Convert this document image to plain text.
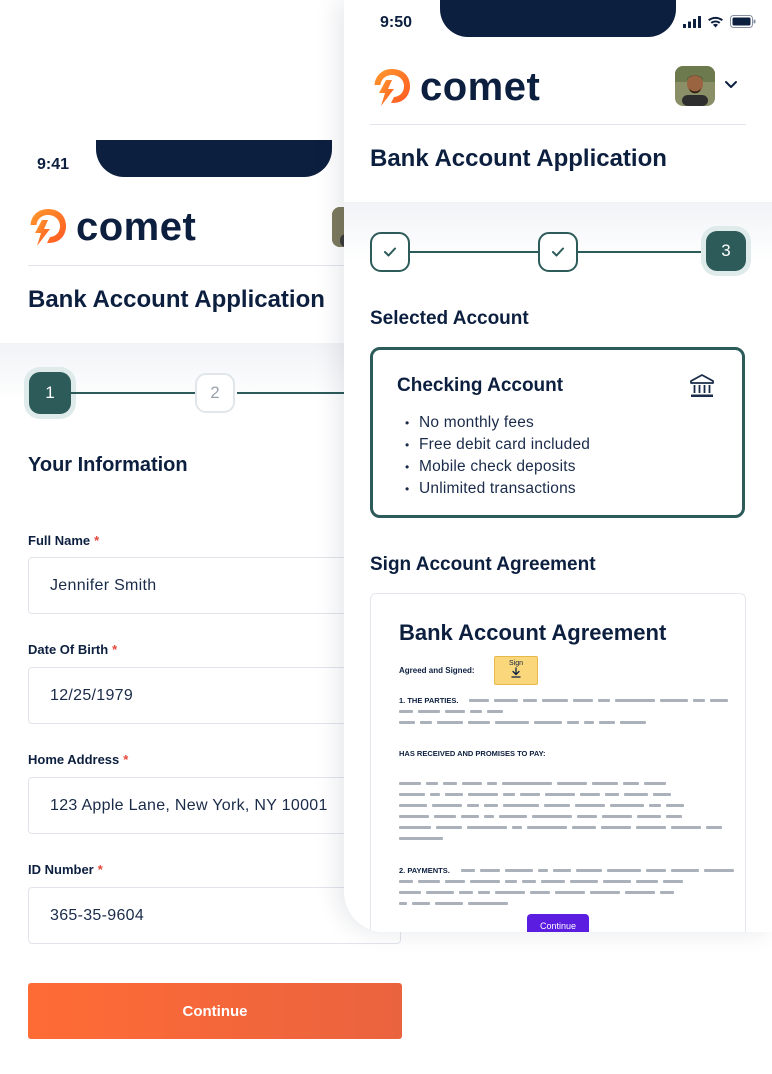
9:41
comet
Bank Account Application
1	2
Your Information
Full Name *
Jennifer Smith
Date Of Birth *
12/25/1979
Home Address *
123 Apple Lane, New York, NY 10001
ID Number *
365-35-9604
Continue
9:50
comet
Bank Account Application
3
Selected Account
Checking Account
• No monthly fees
• Free debit card included
• Mobile check deposits
• Unlimited transactions
Sign Account Agreement
Bank Account Agreement
Agreed and Signed:
Sign
1. THE PARTIES.
HAS RECEIVED AND PROMISES TO PAY:
2. PAYMENTS.
Continue
